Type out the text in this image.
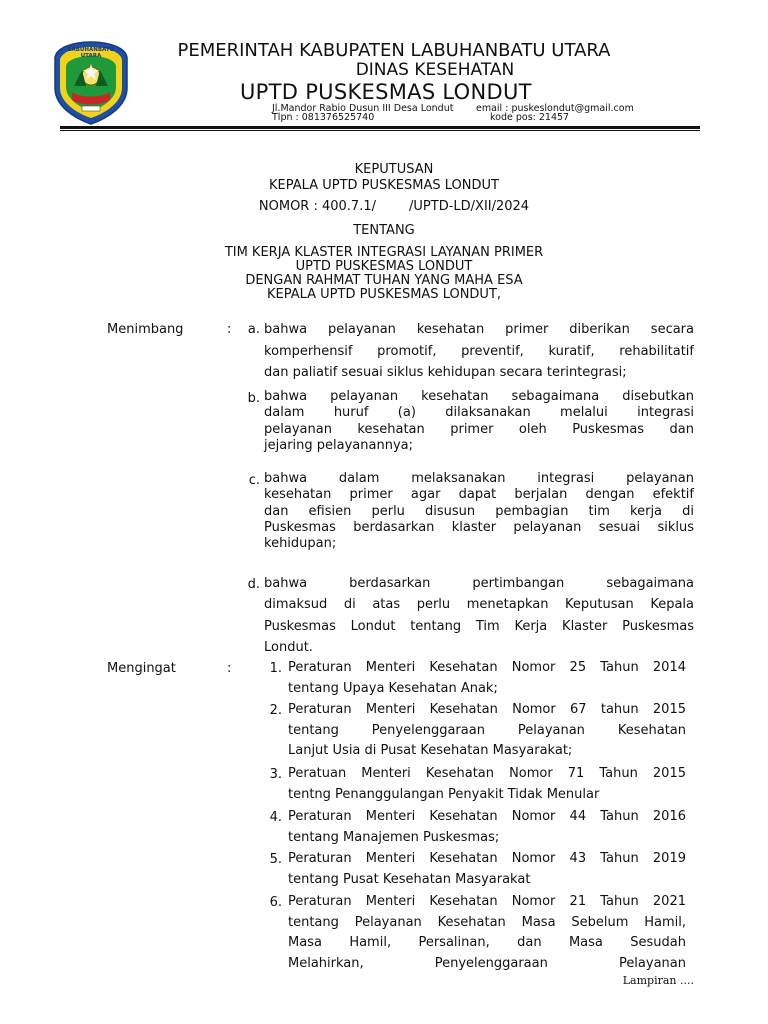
LABUHANBATU UTARA	PEMERINTAH KABUPATEN LABUHANBATU UTARA
DINAS KESEHATAN
UPTD PUSKESMAS LONDUT
Jl.Mandor Rabio Dusun III Desa Londut
Tlpn : 081376525740
email : puskeslondut@gmail.com
kode pos: 21457
KEPUTUSAN
KEPALA UPTD PUSKESMAS LONDUT
NOMOR : 400.7.1/        /UPTD-LD/XII/2024
TENTANG
TIM KERJA KLASTER INTEGRASI LAYANAN PRIMER
UPTD PUSKESMAS LONDUT
DENGAN RAHMAT TUHAN YANG MAHA ESA
KEPALA UPTD PUSKESMAS LONDUT,
Menimbang	:	a. bahwa pelayanan kesehatan primer diberikan secara
komperhensif promotif, preventif, kuratif, rehabilitatif
dan paliatif sesuai siklus kehidupan secara terintegrasi;
b. bahwa pelayanan kesehatan sebagaimana disebutkan
dalam huruf (a) dilaksanakan melalui integrasi
pelayanan kesehatan primer oleh Puskesmas dan
jejaring pelayanannya;
c. bahwa dalam melaksanakan integrasi pelayanan
kesehatan primer agar dapat berjalan dengan efektif
dan efisien perlu disusun pembagian tim kerja di
Puskesmas berdasarkan klaster pelayanan sesuai siklus
kehidupan;
d. bahwa berdasarkan pertimbangan sebagaimana
dimaksud di atas perlu menetapkan Keputusan Kepala
Puskesmas Londut tentang Tim Kerja Klaster Puskesmas
Londut.
Mengingat	:	1. Peraturan Menteri Kesehatan Nomor 25 Tahun 2014
tentang Upaya Kesehatan Anak;
2. Peraturan Menteri Kesehatan Nomor 67 tahun 2015
tentang Penyelenggaraan Pelayanan Kesehatan
Lanjut Usia di Pusat Kesehatan Masyarakat;
3. Peratuan Menteri Kesehatan Nomor 71 Tahun 2015
tentng Penanggulangan Penyakit Tidak Menular
4. Peraturan Menteri Kesehatan Nomor 44 Tahun 2016
tentang Manajemen Puskesmas;
5. Peraturan Menteri Kesehatan Nomor 43 Tahun 2019
tentang Pusat Kesehatan Masyarakat
6. Peraturan Menteri Kesehatan Nomor 21 Tahun 2021
tentang Pelayanan Kesehatan Masa Sebelum Hamil,
Masa Hamil, Persalinan, dan Masa Sesudah
Melahirkan, Penyelenggaraan Pelayanan
Lampiran ....
